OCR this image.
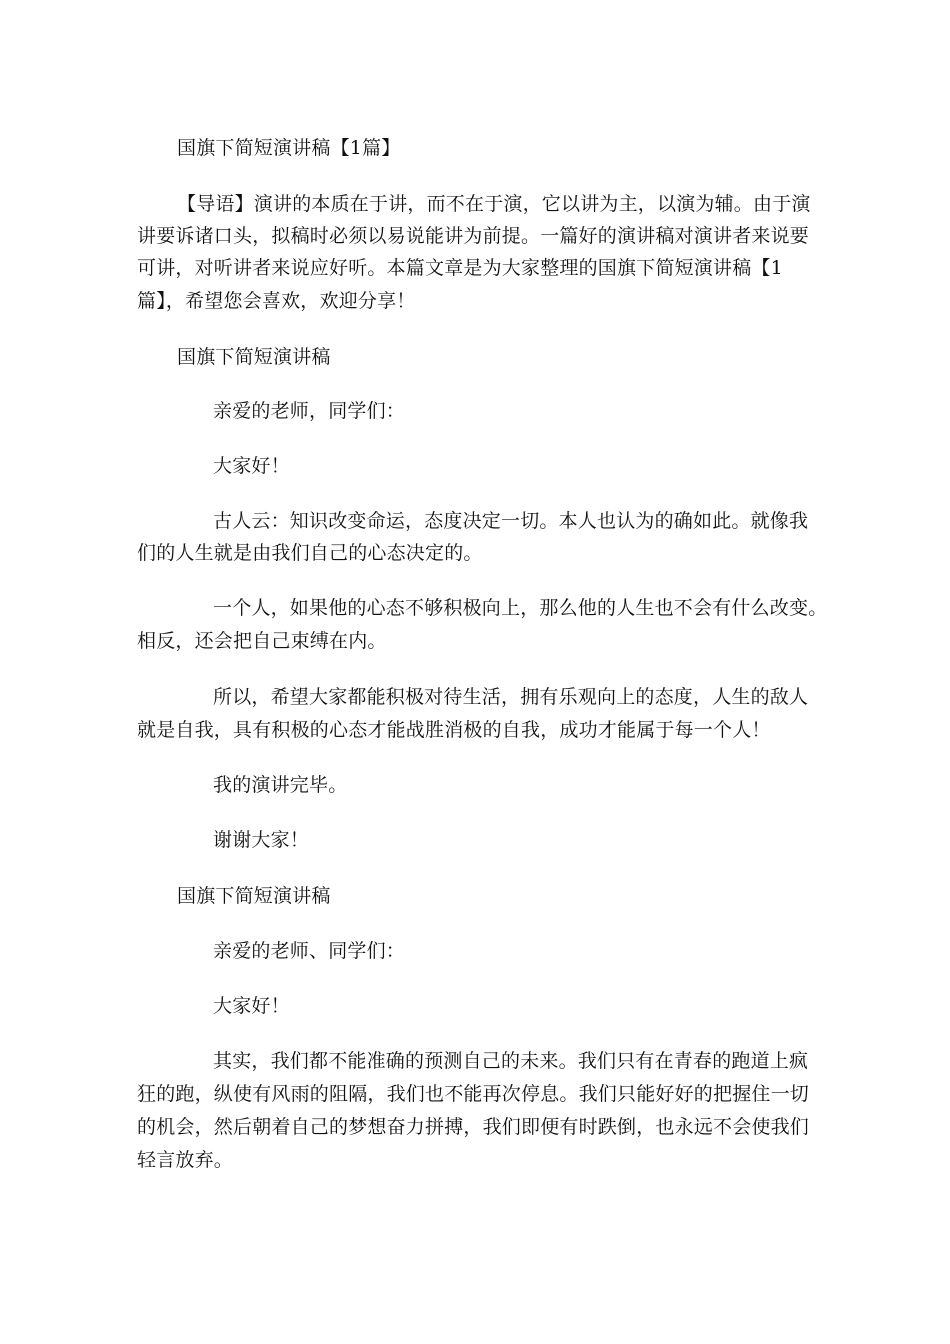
国旗下简短演讲稿【1篇】
【导语】演讲的本质在于讲，而不在于演，它以讲为主，以演为辅。由于演
讲要诉诸口头，拟稿时必须以易说能讲为前提。一篇好的演讲稿对演讲者来说要
可讲，对听讲者来说应好听。本篇文章是为大家整理的国旗下简短演讲稿【1
篇】，希望您会喜欢，欢迎分享！
国旗下简短演讲稿
亲爱的老师，同学们：
大家好！
古人云：知识改变命运，态度决定一切。本人也认为的确如此。就像我
们的人生就是由我们自己的心态决定的。
一个人，如果他的心态不够积极向上，那么他的人生也不会有什么改变。
相反，还会把自己束缚在内。
所以，希望大家都能积极对待生活，拥有乐观向上的态度，人生的敌人
就是自我，具有积极的心态才能战胜消极的自我，成功才能属于每一个人！
我的演讲完毕。
谢谢大家！
国旗下简短演讲稿
亲爱的老师、同学们：
大家好！
其实，我们都不能准确的预测自己的未来。我们只有在青春的跑道上疯
狂的跑，纵使有风雨的阻隔，我们也不能再次停息。我们只能好好的把握住一切
的机会，然后朝着自己的梦想奋力拼搏，我们即便有时跌倒，也永远不会使我们
轻言放弃。
